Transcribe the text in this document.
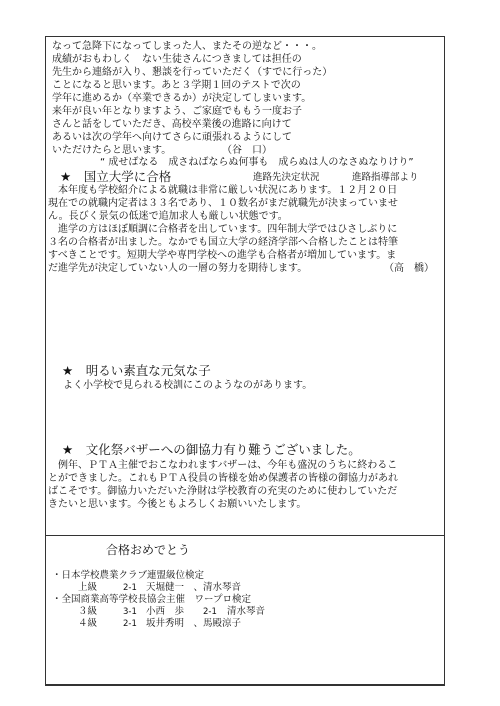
なって急降下になってしまった人、またその逆など・・・。
成績がおもわしく　ない生徒さんにつきましては担任の
先生から連絡が入り、懇談を行っていただく（すでに行った）
ことになると思います。あと３学期１回のテストで次の
学年に進めるか（卒業できるか）が決定してしまいます。
来年が良い年となりますよう、ご家庭でももう一度お子
さんと話をしていただき、高校卒業後の進路に向けて
あるいは次の学年へ向けてさらに頑張れるようにして
いただけたらと思います。	（谷　口）
“ 成せばなる　成さねばならぬ何事も　成らぬは人のなさぬなりけり”
★　国立大学に合格	進路先決定状況	進路指導部より
　本年度も学校紹介による就職は非常に厳しい状況にあります。１２月２０日
現在での就職内定者は３３名であり、１０数名がまだ就職先が決まっていませ
ん。長びく景気の低迷で追加求人も厳しい状態です。
　進学の方はほぼ順調に合格者を出しています。四年制大学ではひさしぶりに
３名の合格者が出ました。なかでも国立大学の経済学部へ合格したことは特筆
すべきことです。短期大学や専門学校への進学も合格者が増加しています。ま
だ進学先が決定していない人の一層の努力を期待します。	（高　橋）
★　明るい素直な元気な子
よく小学校で見られる校訓にこのようなのがあります。
★　文化祭バザーへの御協力有り難うございました。
　例年、ＰＴＡ主催でおこなわれますバザーは、今年も盛況のうちに終わるこ
とができました。これもＰＴＡ役員の皆様を始め保護者の皆様の御協力があれ
ばこそです。御協力いただいた浄財は学校教育の充実のために使わしていただ
きたいと思います。今後ともよろしくお願いいたします。
合格おめでとう
・日本学校農業クラブ連盟級位検定
上級	2-1 天堀健一　、清水琴音
・全国商業高等学校長協会主催　ワープロ検定
３級	3-1 小西　歩 2-1 清水琴音
４級	2-1 坂井秀明　、馬殿涼子
